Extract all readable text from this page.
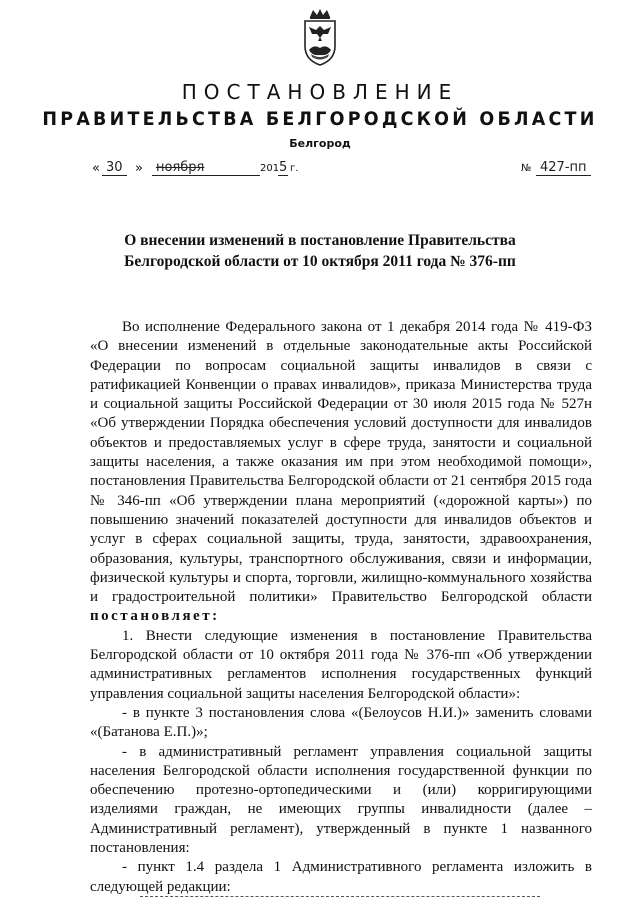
ПОСТАНОВЛЕНИЕ
ПРАВИТЕЛЬСТВА БЕЛГОРОДСКОЙ ОБЛАСТИ
Белгород
« 30 »	ноября	201 5 г.	№ 427-пп
О внесении изменений в постановление Правительства
Белгородской области от 10 октября 2011 года № 376-пп

Во исполнение Федерального закона от 1 декабря 2014 года № 419-ФЗ «О внесении изменений в отдельные законодательные акты Российской Федерации по вопросам социальной защиты инвалидов в связи с ратификацией Конвенции о правах инвалидов», приказа Министерства труда и социальной защиты Российской Федерации от 30 июля 2015 года № 527н «Об утверждении Порядка обеспечения условий доступности для инвалидов объектов и предоставляемых услуг в сфере труда, занятости и социальной защиты населения, а также оказания им при этом необходимой помощи», постановления Правительства Белгородской области от 21 сентября 2015 года № 346-пп «Об утверждении плана мероприятий («дорожной карты») по повышению значений показателей доступности для инвалидов объектов и услуг в сферах социальной защиты, труда, занятости, здравоохранения, образования, культуры, транспортного обслуживания, связи и информации, физической культуры и спорта, торговли, жилищно-коммунального хозяйства и градостроительной политики» Правительство Белгородской области постановляет:

1. Внести следующие изменения в постановление Правительства Белгородской области от 10 октября 2011 года № 376-пп «Об утверждении административных регламентов исполнения государственных функций управления социальной защиты населения Белгородской области»:

- в пункте 3 постановления слова «(Белоусов Н.И.)» заменить словами «(Батанова Е.П.)»;

- в административный регламент управления социальной защиты населения Белгородской области исполнения государственной функции по обеспечению протезно-ортопедическими и (или) корригирующими изделиями граждан, не имеющих группы инвалидности (далее – Административный регламент), утвержденный в пункте 1 названного постановления:

- пункт 1.4 раздела 1 Административного регламента изложить в следующей редакции:
